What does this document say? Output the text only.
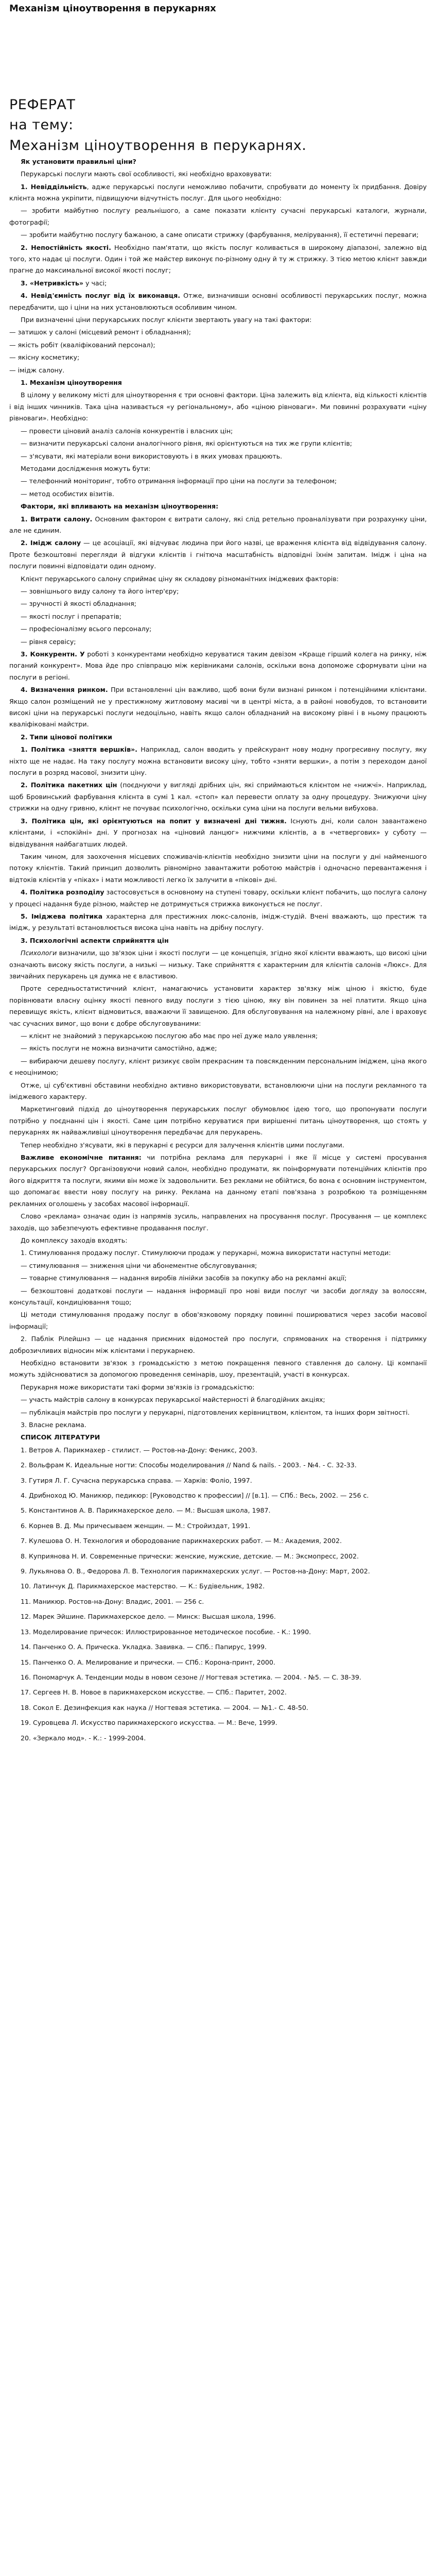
Механізм ціноутворення в перукарнях

РЕФЕРАТ

на тему:

Механізм ціноутворення в перукарнях.

Як установити правильні ціни?

Перукарські послуги мають свої особливості, які необхідно враховувати:

1. Невіддільність, адже перукарські послуги неможливо побачити, спробувати до моменту їх придбання. Довіру клієнта можна укріпити, підвищуючи відчутність послуг. Для цього необхідно:

— зробити майбутню послугу реальнішого, а саме показати клієнту сучасні перукарські каталоги, журнали, фотографії;

— зробити майбутню послугу бажаною, а саме описати стрижку (фарбування, мелірування), її естетичні переваги;

2. Непостійність якості. Необхідно пам'ятати, що якість послуг коливається в широкому діапазоні, залежно від того, хто надає ці послуги. Один і той же майстер виконує по-різному одну й ту ж стрижку. З тією метою клієнт завжди прагне до максимальної високої якості послуг;

3. «Нетривкість» у часі;

4. Невід'ємність послуг від їх виконавця. Отже, визначивши основні особливості перукарських послуг, можна передбачити, що і ціни на них установлюються особливим чином.

При визначенні ціни перукарських послуг клієнти звертають увагу на такі фактори:

— затишок у салоні (місцевий ремонт і обладнання);

— якість робіт (кваліфікований персонал);

— якісну косметику;

— імідж салону.

1. Механізм ціноутворення

В цілому у великому місті для ціноутворення є три основні фактори. Ціна залежить від клієнта, від кількості клієнтів і від інших чинників. Така ціна називається «у регіональному», або «ціною рівноваги». Ми повинні розрахувати «ціну рівноваги». Необхідно:

— провести ціновий аналіз салонів конкурентів і власних цін;

— визначити перукарські салони аналогічного рівня, які орієнтуються на тих же групи клієнтів;

— з'ясувати, які матеріали вони використовують і в яких умовах працюють.

Методами дослідження можуть бути:

— телефонний моніторинг, тобто отримання інформації про ціни на послуги за телефоном;

— метод особистих візитів.

Фактори, які впливають на механізм ціноутворення:

1. Витрати салону. Основним фактором є витрати салону, які слід ретельно проаналізувати при розрахунку ціни, але не єдиним.

2. Імідж салону — це асоціації, які відчуває людина при його назві, це враження клієнта від відвідування салону. Проте безкоштовні перегляди й відгуки клієнтів і гнітюча масштабність відповідні їхнім запитам. Імідж і ціна на послуги повинні відповідати один одному.

Клієнт перукарського салону сприймає ціну як складову різноманітних іміджевих факторів:

— зовнішнього виду салону та його інтер'єру;

— зручності й якості обладнання;

— якості послуг і препаратів;

— професіоналізму всього персоналу;

— рівня сервісу;

3. Конкурентн. У роботі з конкурентами необхідно керуватися таким девізом «Краще гірший колега на ринку, ніж поганий конкурент». Мова йде про співпрацю між керівниками салонів, оскільки вона допоможе сформувати ціни на послуги в регіоні.

4. Визначення ринком. При встановленні цін важливо, щоб вони були визнані ринком і потенційними клієнтами. Якщо салон розміщений не у престижному житловому масиві чи в центрі міста, а в районі новобудов, то встановити високі ціни на перукарські послуги недоцільно, навіть якщо салон обладнаний на високому рівні і в ньому працюють кваліфіковані майстри.

2. Типи цінової політики

1. Політика «зняття вершків». Наприклад, салон вводить у прейскурант нову модну прогресивну послугу, яку ніхто ще не надає. На таку послугу можна встановити високу ціну, тобто «зняти вершки», а потім з переходом даної послуги в розряд масової, знизити ціну.

2. Політика пакетних цін (поєднуючи у вигляді дрібних цін, які сприймаються клієнтом не «нижчі». Наприклад, щоб Бровинський фарбування клієнта в сумі 1 кал. «стоп» кал перевести оплату за одну процедуру. Знижуючи ціну стрижки на одну гривню, клієнт не почуває психологічно, оскільки сума ціни на послуги вельми вибухова.

3. Політика цін, які орієнтуються на попит у визначені дні тижня. Існують дні, коли салон завантажено клієнтами, і «спокійні» дні. У прогнозах на «ціновий ланцюг» нижчими клієнтів, а в «четвергових» у суботу — відвідування найбагатших людей.

Таким чином, для заохочення місцевих споживачів-клієнтів необхідно знизити ціни на послуги у дні найменшого потоку клієнтів. Такий принцип дозволить рівномірно завантажити роботою майстрів і одночасно перевантаження і відтоків клієнтів у «піках» і мати можливості легко їх залучити в «пікові» дні.

4. Політика розподілу застосовується в основному на ступені товару, оскільки клієнт побачить, що послуга салону у процесі надання буде різною, майстер не дотримується стрижка виконується не послуг.

5. Іміджева політика характерна для престижних люкс-салонів, імідж-студій. Вчені вважають, що престиж та імідж, у результаті встановлюється висока ціна навіть на дрібну послугу.

3. Психологічні аспекти сприйняття цін

Психологи визначили, що зв'язок ціни і якості послуги — це концепція, згідно якої клієнти вважають, що високі ціни означають високу якість послуги, а низькі — низьку. Таке сприйняття є характерним для клієнтів салонів «Люкс». Для звичайних перукарень ця думка не є властивою.

Проте середньостатистичний клієнт, намагаючись установити характер зв'язку між ціною і якістю, буде порівнювати власну оцінку якості певного виду послуги з тією ціною, яку він повинен за неї платити. Якщо ціна перевищує якість, клієнт відмовиться, вважаючи її завищеною. Для обслуговування на належному рівні, але і враховує час сучасних вимог, що вони є добре обслуговуваними:

— клієнт не знайомий з перукарською послугою або має про неї дуже мало уявлення;

— якість послуги не можна визначити самостійно, адже;

— вибираючи дешеву послугу, клієнт ризикує своїм прекрасним та повсякденним персональним іміджем, ціна якого є неоцінимою;

Отже, ці суб'єктивні обставини необхідно активно використовувати, встановлюючи ціни на послуги рекламного та іміджевого характеру.

Маркетинговий підхід до ціноутворення перукарських послуг обумовлює ідею того, що пропонувати послуги потрібно у поєднанні цін і якості. Саме цим потрібно керуватися при вирішенні питань ціноутворення, що стоять у перукарнях як найважливіші ціноутворення передбачає для перукарень.

Тепер необхідно з'ясувати, які в перукарні є ресурси для залучення клієнтів цими послугами.

Важливе економічне питання: чи потрібна реклама для перукарні і яке її місце у системі просування перукарських послуг? Організовуючи новий салон, необхідно продумати, як поінформувати потенційних клієнтів про його відкриття та послуги, якими він може їх задовольнити. Без реклами не обійтися, бо вона є основним інструментом, що допомагає ввести нову послугу на ринку. Реклама на данному етапі пов'язана з розробкою та розміщенням рекламних оголошень у засобах масової інформації.

Слово «реклама» означає один із напрямів зусиль, направлених на просування послуг. Просування — це комплекс заходів, що забезпечують ефективне продавання послуг.

До комплексу заходів входять:

1. Стимулювання продажу послуг. Стимулюючи продаж у перукарні, можна використати наступні методи:

— стимулювання — зниження ціни чи абонементне обслуговування;

— товарне стимулювання — надання виробів лінійки засобів за покупку або на рекламні акції;

— безкоштовні додаткові послуги — надання інформації про нові види послуг чи засоби догляду за волоссям, консультації, кондиціювання тощо;

Ці методи стимулювання продажу послуг в обов'язковому порядку повинні поширюватися через засоби масової інформації;

2. Паблік Рілейшнз — це надання приємних відомостей про послуги, спрямованих на створення і підтримку доброзичливих відносин між клієнтами і перукарнею.

Необхідно встановити зв'язок з громадськістю з метою покращення певного ставлення до салону. Ці компанії можуть здійснюватися за допомогою проведення семінарів, шоу, презентацій, участі в конкурсах.

Перукарня може використати такі форми зв'язків із громадськістю:

— участь майстрів салону в конкурсах перукарської майстерності й благодійних акціях;

— публікація майстрів про послуги у перукарні, підготовлених керівництвом, клієнтом, та інших форм звітності.

3. Власне реклама.

СПИСОК ЛІТЕРАТУРИ

1. Ветров А. Парикмахер - стилист. — Ростов-на-Дону: Феникс, 2003.
2. Вольфрам К. Идеальные ногти: Способы моделирования // Nand & nails. - 2003. - №4. - С. 32-33.
3. Гутиря Л. Г. Сучасна перукарська справа. — Харків: Фоліо, 1997.
4. Дрибноход Ю. Маникюр, педикюр: [Руководство к профессии] // [в.1]. — СПб.: Весь, 2002. — 256 с.
5. Константинов А. В. Парикмахерское дело. — М.: Высшая школа, 1987.
6. Корнев В. Д. Мы причесываем женщин. — М.: Стройиздат, 1991.
7. Кулешова О. Н. Технология и обородование парикмахерских работ. — М.: Академия, 2002.
8. Куприянова Н. И. Современные прически: женские, мужские, детские. — М.: Эксмопресс, 2002.
9. Лукьянова О. В., Федорова Л. В. Технология парикмахерских услуг. — Ростов-на-Дону: Март, 2002.
10. Латинчук Д. Парикмахерское мастерство. — К.: Будівельник, 1982.
11. Маникюр. Ростов-на-Дону: Владис, 2001. — 256 с.
12. Марек Эйшине. Парикмахерское дело. — Минск: Высшая школа, 1996.
13. Моделирование причесок: Иллюстрированное методическое пособие. - К.: 1990.
14. Панченко О. А. Прическа. Укладка. Завивка. — СПб.: Папирус, 1999.
15. Панченко О. А. Мелирование и прически. — СПб.: Корона-принт, 2000.
16. Пономарчук А. Тенденции моды в новом сезоне // Ногтевая эстетика. — 2004. - №5. — С. 38-39.
17. Сергеев Н. В. Новое в парикмахерском искусстве. — СПб.: Паритет, 2002.
18. Сокол Е. Дезинфекция как наука // Ногтевая эстетика. — 2004. — №1.- С. 48-50.
19. Суровцева Л. Искусство парикмахерского искусства. — М.: Вече, 1999.
20. «Зеркало мод». - К.: - 1999-2004.
